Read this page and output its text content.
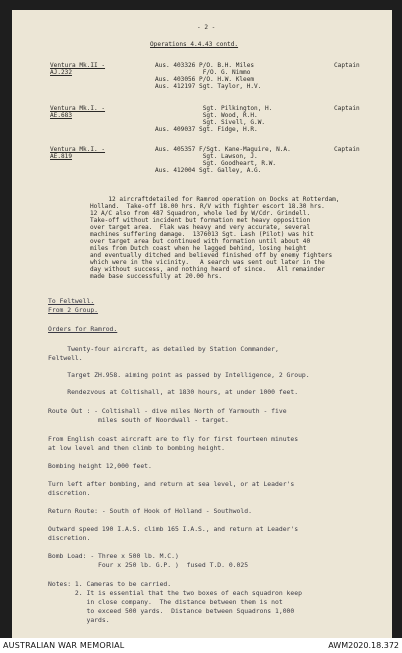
- 2 -
Operations 4.4.43 contd.
Ventura Mk.II -
AJ.232
Aus. 403326 P/O. B.H. Miles
F/O. G. Nimmo
Aus. 403056 P/O. H.W. Kleem
Aus. 412197 Sgt. Taylor, H.V.
Captain
Ventura Mk.I. -
AE.683
Sgt. Pilkington, H.
Sgt. Wood, R.H.
Sgt. Sivell, G.W.
Aus. 409037 Sgt. Fidge, H.R.
Captain
Ventura Mk.I. -
AE.819
Aus. 405357 F/Sgt. Kane-Maguire, N.A.
Sgt. Lawson, J.
Sgt. Goodheart, R.W.
Aus. 412004 Sgt. Galley, A.G.
Captain
12 aircraftdetailed for Ramrod operation on Docks at Rotterdam,
Holland.  Take-off 18.00 hrs. R/V with fighter escort 18.30 hrs.
12 A/C also from 487 Squadron, whole led by W/Cdr. Grindell.
Take-off without incident but formation met heavy opposition
over target area.  Flak was heavy and very accurate, several
machines suffering damage.  1376013 Sgt. Lash (Pilot) was hit
over target area but continued with formation until about 40
miles from Dutch coast when he lagged behind, losing height
and eventually ditched and believed finished off by enemy fighters
which were in the vicinity.   A search was sent out later in the
day without success, and nothing heard of since.   All remainder
made base successfully at 20.00 hrs.
To Feltwell.
From 2 Group.
Orders for Ramrod.
Twenty-four aircraft, as detailed by Station Commander,
Feltwell.
Target ZH.958. aiming point as passed by Intelligence, 2 Group.
Rendezvous at Coltishall, at 1830 hours, at under 1000 feet.
Route Out : - Coltishall - dive miles North of Yarmouth - five
miles south of Noordwall - target.
From English coast aircraft are to fly for first fourteen minutes
at low level and then climb to bombing height.
Bombing height 12,000 feet.
Turn left after bombing, and return at sea level, or at Leader's
discretion.
Return Route: - South of Hook of Holland - Southwold.
Outward speed 190 I.A.S. climb 165 I.A.S., and return at Leader's
discretion.
Bomb Load: - Three x 500 lb. M.C.)
Four x 250 lb. G.P. )  fused T.D. 0.025
Notes: 1. Cameras to be carried.
2. It is essential that the two boxes of each squadron keep
in close company.  The distance between them is not
to exceed 500 yards.  Distance between Squadrons 1,000
yards.
AUSTRALIAN WAR MEMORIAL	AWM2020.18.372
